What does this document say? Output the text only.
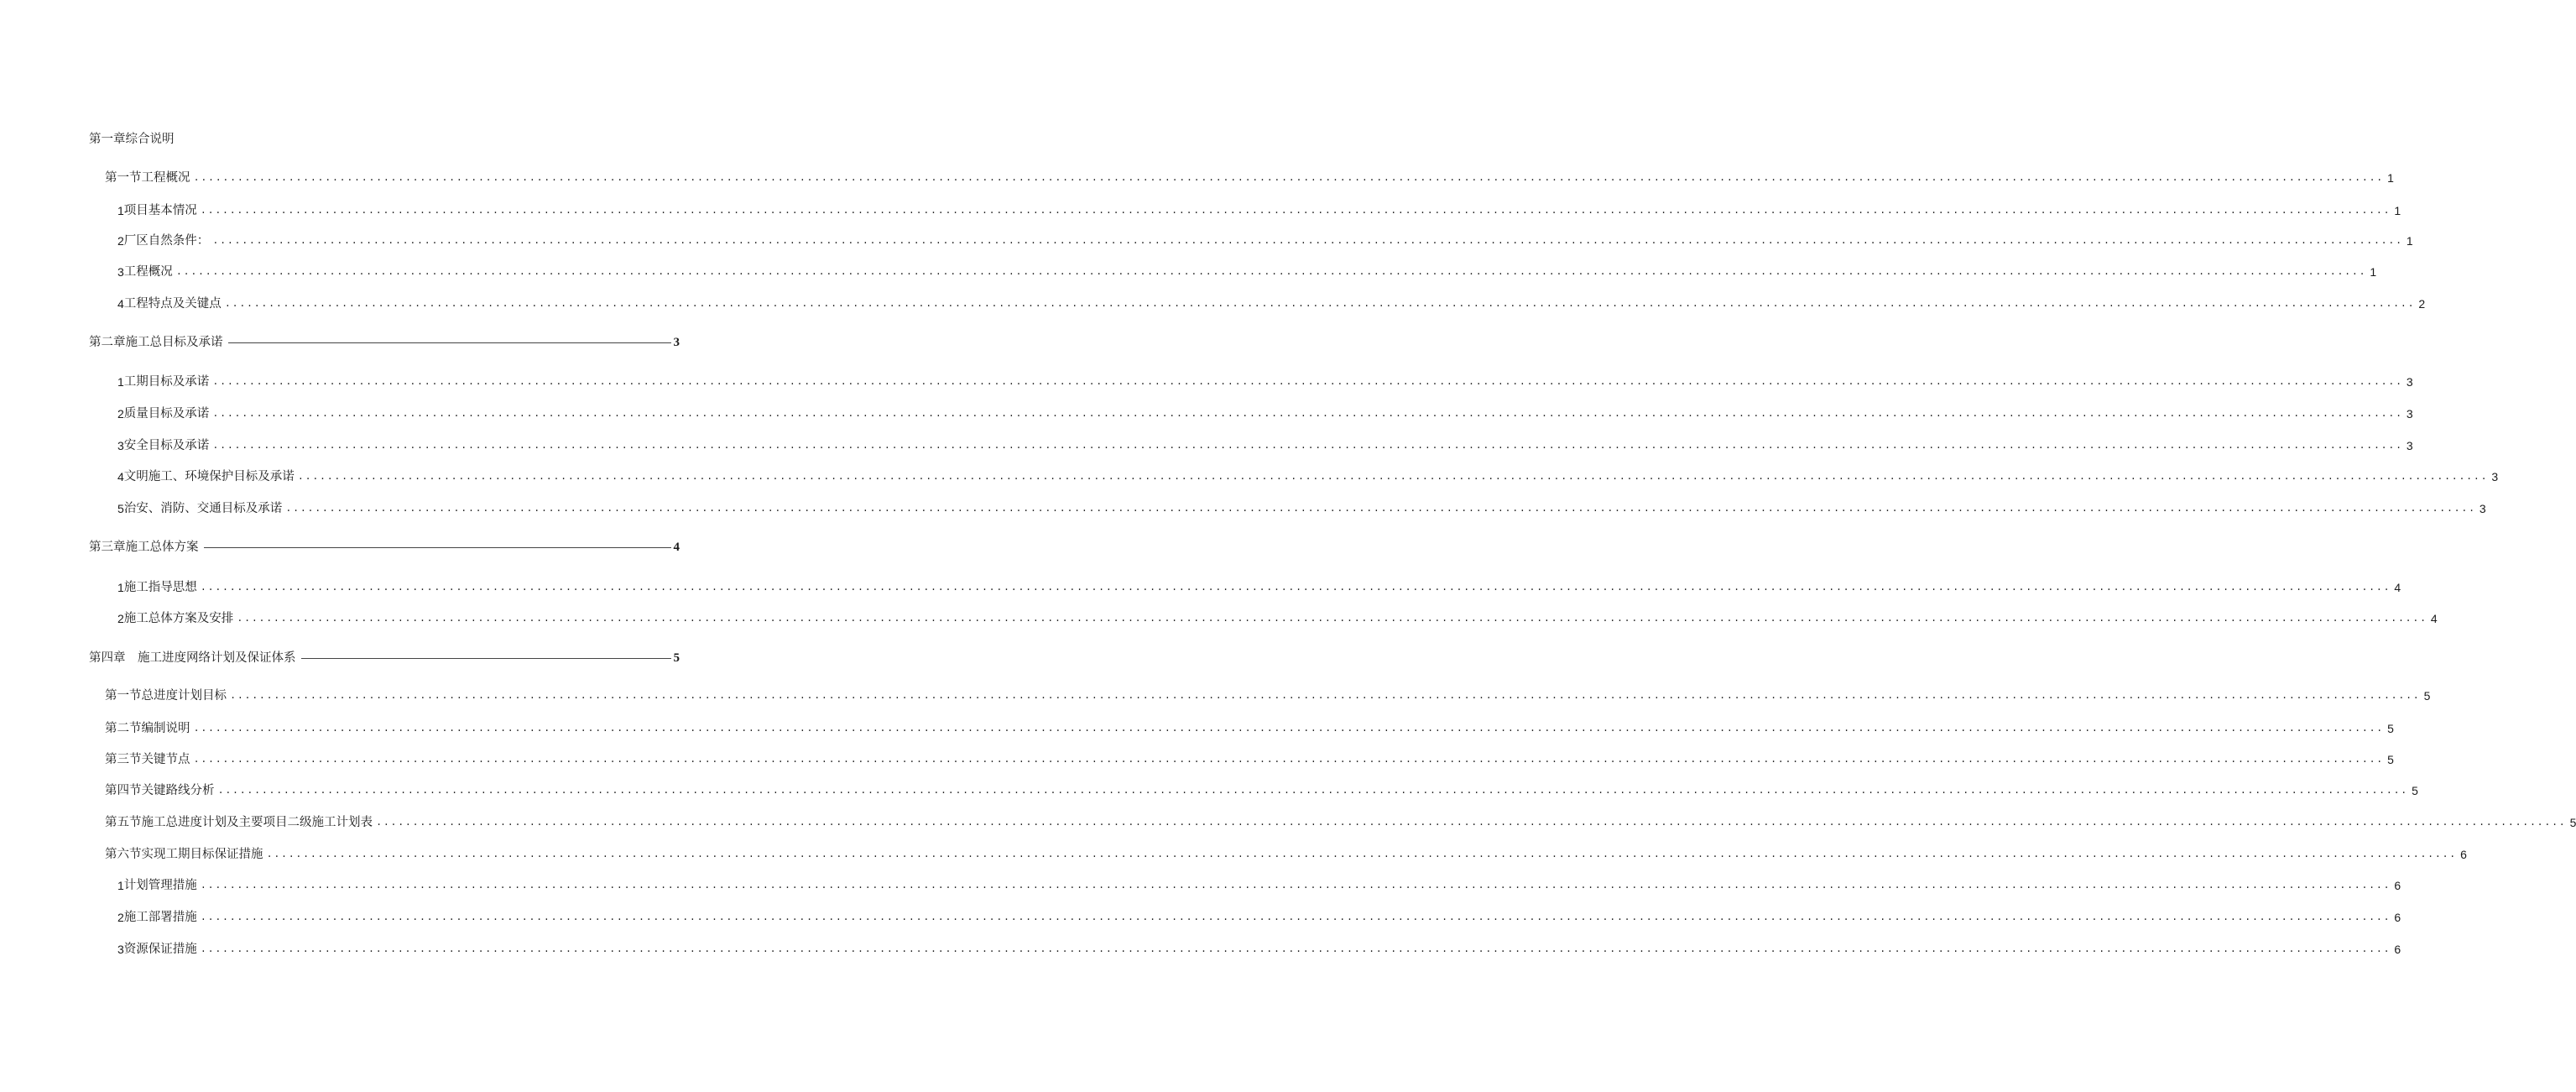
第一章综合说明
第一节工程概况 ............................................................................................................................................................................................................................................................................................................ 1
1 项目基本情况 ............................................................................................................................................................................................................................................................................................................ 1
2 厂区自然条件： ............................................................................................................................................................................................................................................................................................................ 1
3 工程概况 ............................................................................................................................................................................................................................................................................................................ 1
4 工程特点及关键点 ............................................................................................................................................................................................................................................................................................................ 2
第二章施工总目标及承诺	3
1 工期目标及承诺 ............................................................................................................................................................................................................................................................................................................ 3
2 质量目标及承诺 ............................................................................................................................................................................................................................................................................................................ 3
3 安全目标及承诺 ............................................................................................................................................................................................................................................................................................................ 3
4 文明施工、环境保护目标及承诺 ............................................................................................................................................................................................................................................................................................................ 3
5 治安、消防、交通目标及承诺 ............................................................................................................................................................................................................................................................................................................ 3
第三章施工总体方案	4
1 施工指导思想 ............................................................................................................................................................................................................................................................................................................ 4
2 施工总体方案及安排 ............................................................................................................................................................................................................................................................................................................ 4
第四章　施工进度网络计划及保证体系	5
第一节总进度计划目标 ............................................................................................................................................................................................................................................................................................................ 5
第二节编制说明 ............................................................................................................................................................................................................................................................................................................ 5
第三节关键节点 ............................................................................................................................................................................................................................................................................................................ 5
第四节关键路线分析 ............................................................................................................................................................................................................................................................................................................ 5
第五节施工总进度计划及主要项目二级施工计划表 ............................................................................................................................................................................................................................................................................................................ 5
第六节实现工期目标保证措施 ............................................................................................................................................................................................................................................................................................................ 6
1 计划管理措施 ............................................................................................................................................................................................................................................................................................................ 6
2 施工部署措施 ............................................................................................................................................................................................................................................................................................................ 6
3 资源保证措施 ............................................................................................................................................................................................................................................................................................................ 6
